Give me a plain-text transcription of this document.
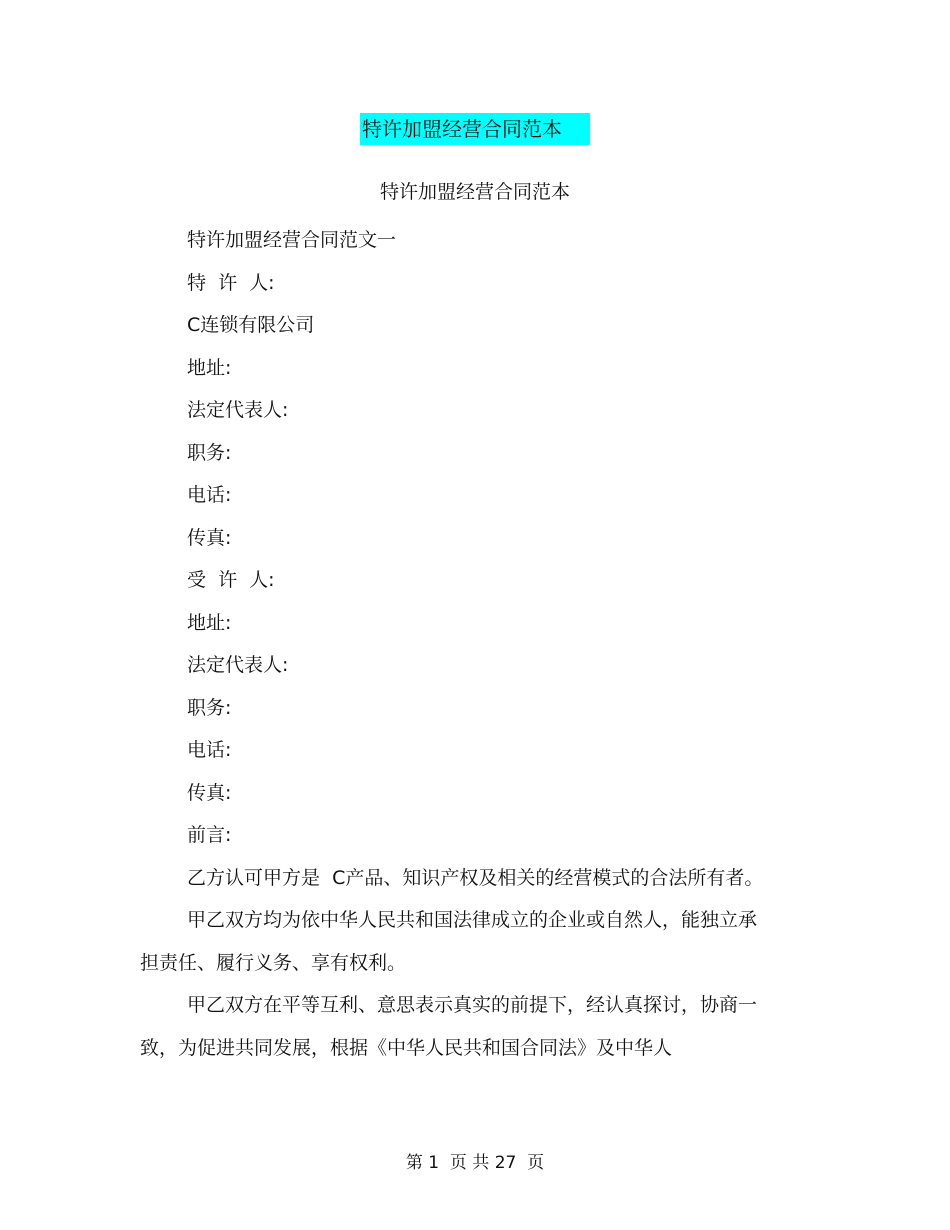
特许加盟经营合同范本
特许加盟经营合同范本
特许加盟经营合同范文一
特  许  人:
C连锁有限公司
地址:
法定代表人:
职务:
电话:
传真:
受  许  人:
地址:
法定代表人:
职务:
电话:
传真:
前言:

乙方认可甲方是  C产品、知识产权及相关的经营模式的合法所有者。

甲乙双方均为依中华人民共和国法律成立的企业或自然人，能独立承担责任、履行义务、享有权利。

甲乙双方在平等互利、意思表示真实的前提下，经认真探讨，协商一致，为促进共同发展，根据《中华人民共和国合同法》及中华人

第 1  页 共 27  页
